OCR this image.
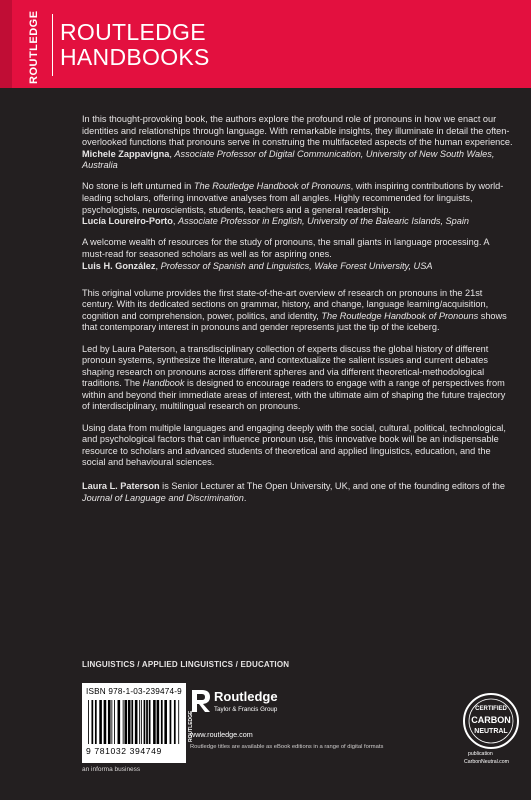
ROUTLEDGE ROUTLEDGE
HANDBOOKS
In this thought-provoking book, the authors explore the profound role of pronouns in how we enact our identities and relationships through language. With remarkable insights, they illuminate in detail the often-overlooked functions that pronouns serve in construing the multifaceted aspects of the human experience.
Michele Zappavigna, Associate Professor of Digital Communication, University of New South Wales, Australia
No stone is left unturned in The Routledge Handbook of Pronouns, with inspiring contributions by world-leading scholars, offering innovative analyses from all angles. Highly recommended for linguists, psychologists, neuroscientists, students, teachers and a general readership.
Lucía Loureiro-Porto, Associate Professor in English, University of the Balearic Islands, Spain
A welcome wealth of resources for the study of pronouns, the small giants in language processing. A must-read for seasoned scholars as well as for aspiring ones.
Luis H. González, Professor of Spanish and Linguistics, Wake Forest University, USA
This original volume provides the first state-of-the-art overview of research on pronouns in the 21st century. With its dedicated sections on grammar, history, and change, language learning/acquisition, cognition and comprehension, power, politics, and identity, The Routledge Handbook of Pronouns shows that contemporary interest in pronouns and gender represents just the tip of the iceberg.
Led by Laura Paterson, a transdisciplinary collection of experts discuss the global history of different pronoun systems, synthesize the literature, and contextualize the salient issues and current debates shaping research on pronouns across different spheres and via different theoretical-methodological traditions. The Handbook is designed to encourage readers to engage with a range of perspectives from within and beyond their immediate areas of interest, with the ultimate aim of shaping the future trajectory of interdisciplinary, multilingual research on pronouns.
Using data from multiple languages and engaging deeply with the social, cultural, political, technological, and psychological factors that can influence pronoun use, this innovative book will be an indispensable resource to scholars and advanced students of theoretical and applied linguistics, education, and the social and behavioural sciences.
Laura L. Paterson is Senior Lecturer at The Open University, UK, and one of the founding editors of the Journal of Language and Discrimination.
LINGUISTICS / APPLIED LINGUISTICS / EDUCATION
ISBN 978-1-03-239474-9
9 781032 394749
an informa business
ROUTLEDGE
Routledge
Taylor & Francis Group
www.routledge.com
Routledge titles are available as eBook editions in a range of digital formats
CERTIFIED
CARBON
NEUTRAL
publication
CarbonNeutral.com
